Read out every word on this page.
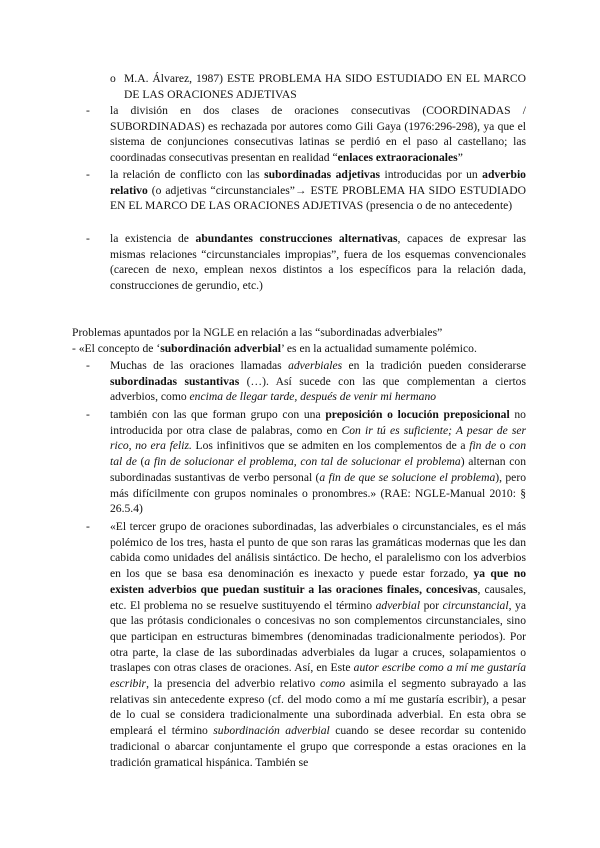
o M.A. Álvarez, 1987) ESTE PROBLEMA HA SIDO ESTUDIADO EN EL MARCO DE LAS ORACIONES ADJETIVAS

-	la división en dos clases de oraciones consecutivas (COORDINADAS / SUBORDINADAS) es rechazada por autores como Gili Gaya (1976:296-298), ya que el sistema de conjunciones consecutivas latinas se perdió en el paso al castellano; las coordinadas consecutivas presentan en realidad “enlaces extraoracionales”

-	la relación de conflicto con las subordinadas adjetivas introducidas por un adverbio relativo (o adjetivas “circunstanciales”→ ESTE PROBLEMA HA SIDO ESTUDIADO EN EL MARCO DE LAS ORACIONES ADJETIVAS (presencia o de no antecedente)

-	la existencia de abundantes construcciones alternativas, capaces de expresar las mismas relaciones “circunstanciales impropias”, fuera de los esquemas convencionales (carecen de nexo, emplean nexos distintos a los específicos para la relación dada, construcciones de gerundio, etc.)

Problemas apuntados por la NGLE en relación a las “subordinadas adverbiales”

- «El concepto de ‘subordinación adverbial’ es en la actualidad sumamente polémico.

-	Muchas de las oraciones llamadas adverbiales en la tradición pueden considerarse subordinadas sustantivas (…). Así sucede con las que complementan a ciertos adverbios, como encima de llegar tarde, después de venir mi hermano

-	también con las que forman grupo con una preposición o locución preposicional no introducida por otra clase de palabras, como en Con ir tú es suficiente; A pesar de ser rico, no era feliz. Los infinitivos que se admiten en los complementos de a fin de o con tal de (a fin de solucionar el problema, con tal de solucionar el problema) alternan con subordinadas sustantivas de verbo personal (a fin de que se solucione el problema), pero más difícilmente con grupos nominales o pronombres.» (RAE: NGLE-Manual 2010: § 26.5.4)

-	«El tercer grupo de oraciones subordinadas, las adverbiales o circunstanciales, es el más polémico de los tres, hasta el punto de que son raras las gramáticas modernas que les dan cabida como unidades del análisis sintáctico. De hecho, el paralelismo con los adverbios en los que se basa esa denominación es inexacto y puede estar forzado, ya que no existen adverbios que puedan sustituir a las oraciones finales, concesivas, causales, etc. El problema no se resuelve sustituyendo el término adverbial por circunstancial, ya que las prótasis condicionales o concesivas no son complementos circunstanciales, sino que participan en estructuras bimembres (denominadas tradicionalmente periodos). Por otra parte, la clase de las subordinadas adverbiales da lugar a cruces, solapamientos o traslapes con otras clases de oraciones. Así, en Este autor escribe como a mí me gustaría escribir, la presencia del adverbio relativo como asimila el segmento subrayado a las relativas sin antecedente expreso (cf. del modo como a mí me gustaría escribir), a pesar de lo cual se considera tradicionalmente una subordinada adverbial. En esta obra se empleará el término subordinación adverbial cuando se desee recordar su contenido tradicional o abarcar conjuntamente el grupo que corresponde a estas oraciones en la tradición gramatical hispánica. También se
